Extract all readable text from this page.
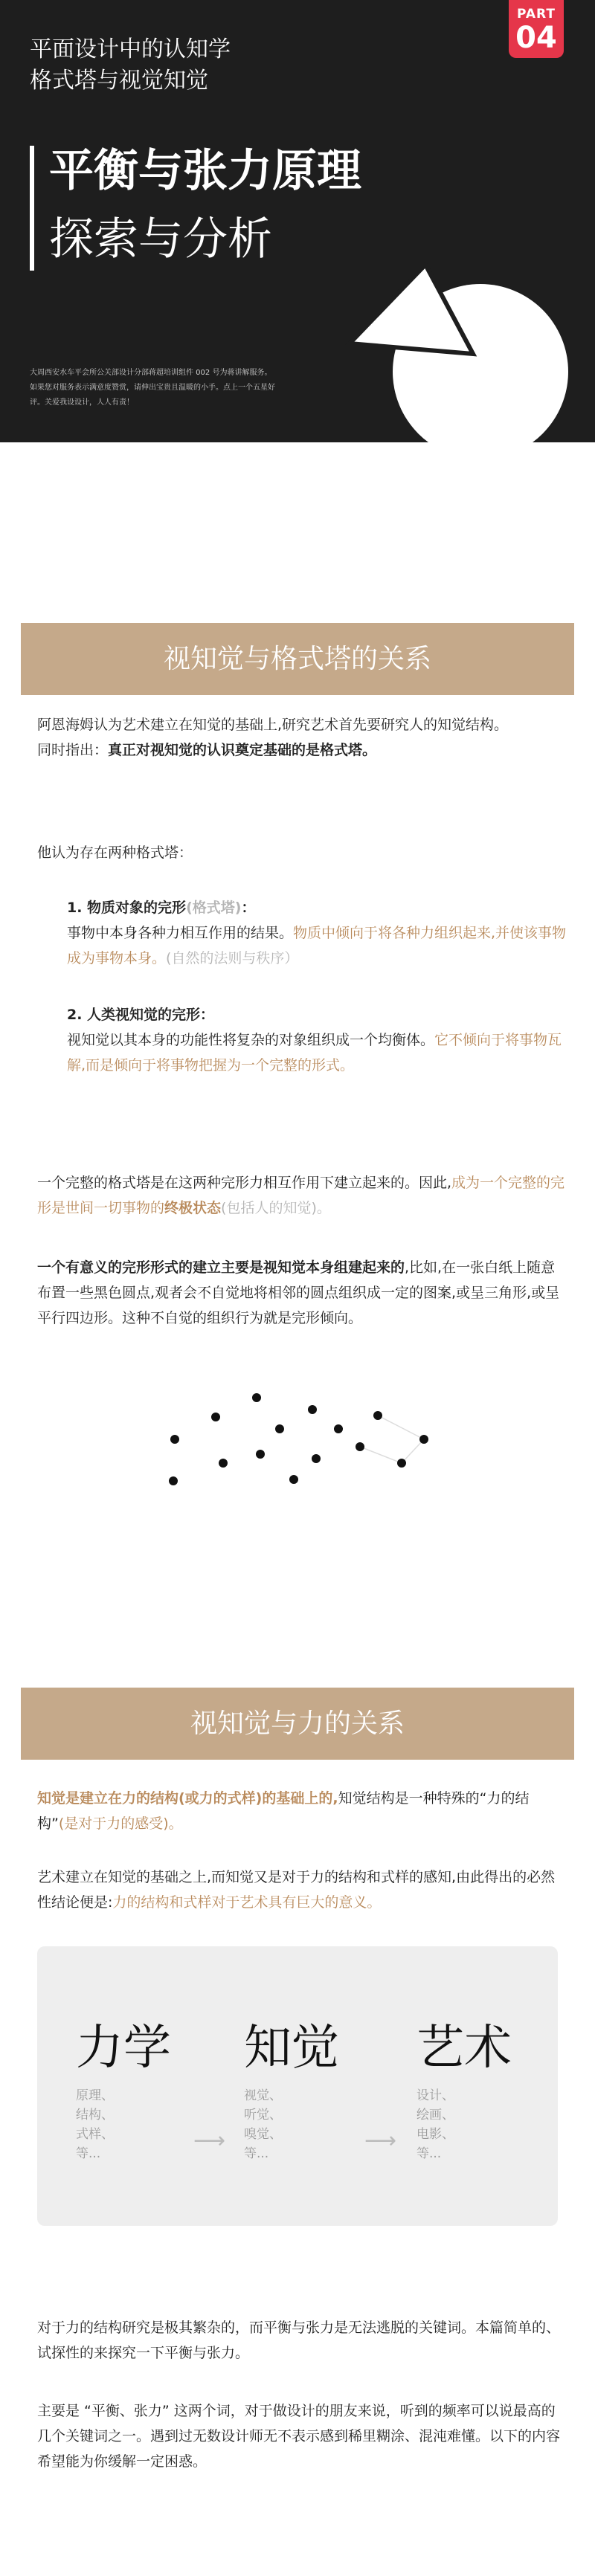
平面设计中的认知学
格式塔与视觉知觉

PART
04
平衡与张力原理
探索与分析

大周西安水车平会所公关部设计分部蒋超培训组件 002 号为蒋讲解服务。如果您对服务表示满意度赞赏，请伸出宝贵且温暖的小手。点上一个五星好评。关爱我设设计，人人有责！

视知觉与格式塔的关系

阿恩海姆认为艺术建立在知觉的基础上,研究艺术首先要研究人的知觉结构。
同时指出：真正对视知觉的认识奠定基础的是格式塔。

他认为存在两种格式塔：

1. 物质对象的完形(格式塔)：
事物中本身各种力相互作用的结果。物质中倾向于将各种力组织起来,并使该事物成为事物本身。(自然的法则与秩序）

2. 人类视知觉的完形：
视知觉以其本身的功能性将复杂的对象组织成一个均衡体。它不倾向于将事物瓦解,而是倾向于将事物把握为一个完整的形式。

一个完整的格式塔是在这两种完形力相互作用下建立起来的。因此,成为一个完整的完形是世间一切事物的终极状态(包括人的知觉)。

一个有意义的完形形式的建立主要是视知觉本身组建起来的,比如,在一张白纸上随意布置一些黑色圆点,观者会不自觉地将相邻的圆点组织成一定的图案,或呈三角形,或呈平行四边形。这种不自觉的组织行为就是完形倾向。

视知觉与力的关系

知觉是建立在力的结构(或力的式样)的基础上的,知觉结构是一种特殊的“力的结构”(是对于力的感受)。

艺术建立在知觉的基础之上,而知觉又是对于力的结构和式样的感知,由此得出的必然性结论便是:力的结构和式样对于艺术具有巨大的意义。

力学
原理、
结构、
式样、
等...	⟶
知觉
视觉、
听觉、
嗅觉、
等...	⟶
艺术
设计、
绘画、
电影、
等...

对于力的结构研究是极其繁杂的，而平衡与张力是无法逃脱的关键词。本篇简单的、试探性的来探究一下平衡与张力。

主要是 “平衡、张力” 这两个词，对于做设计的朋友来说，听到的频率可以说最高的几个关键词之一。遇到过无数设计师无不表示感到稀里糊涂、混沌难懂。以下的内容希望能为你缓解一定困惑。
